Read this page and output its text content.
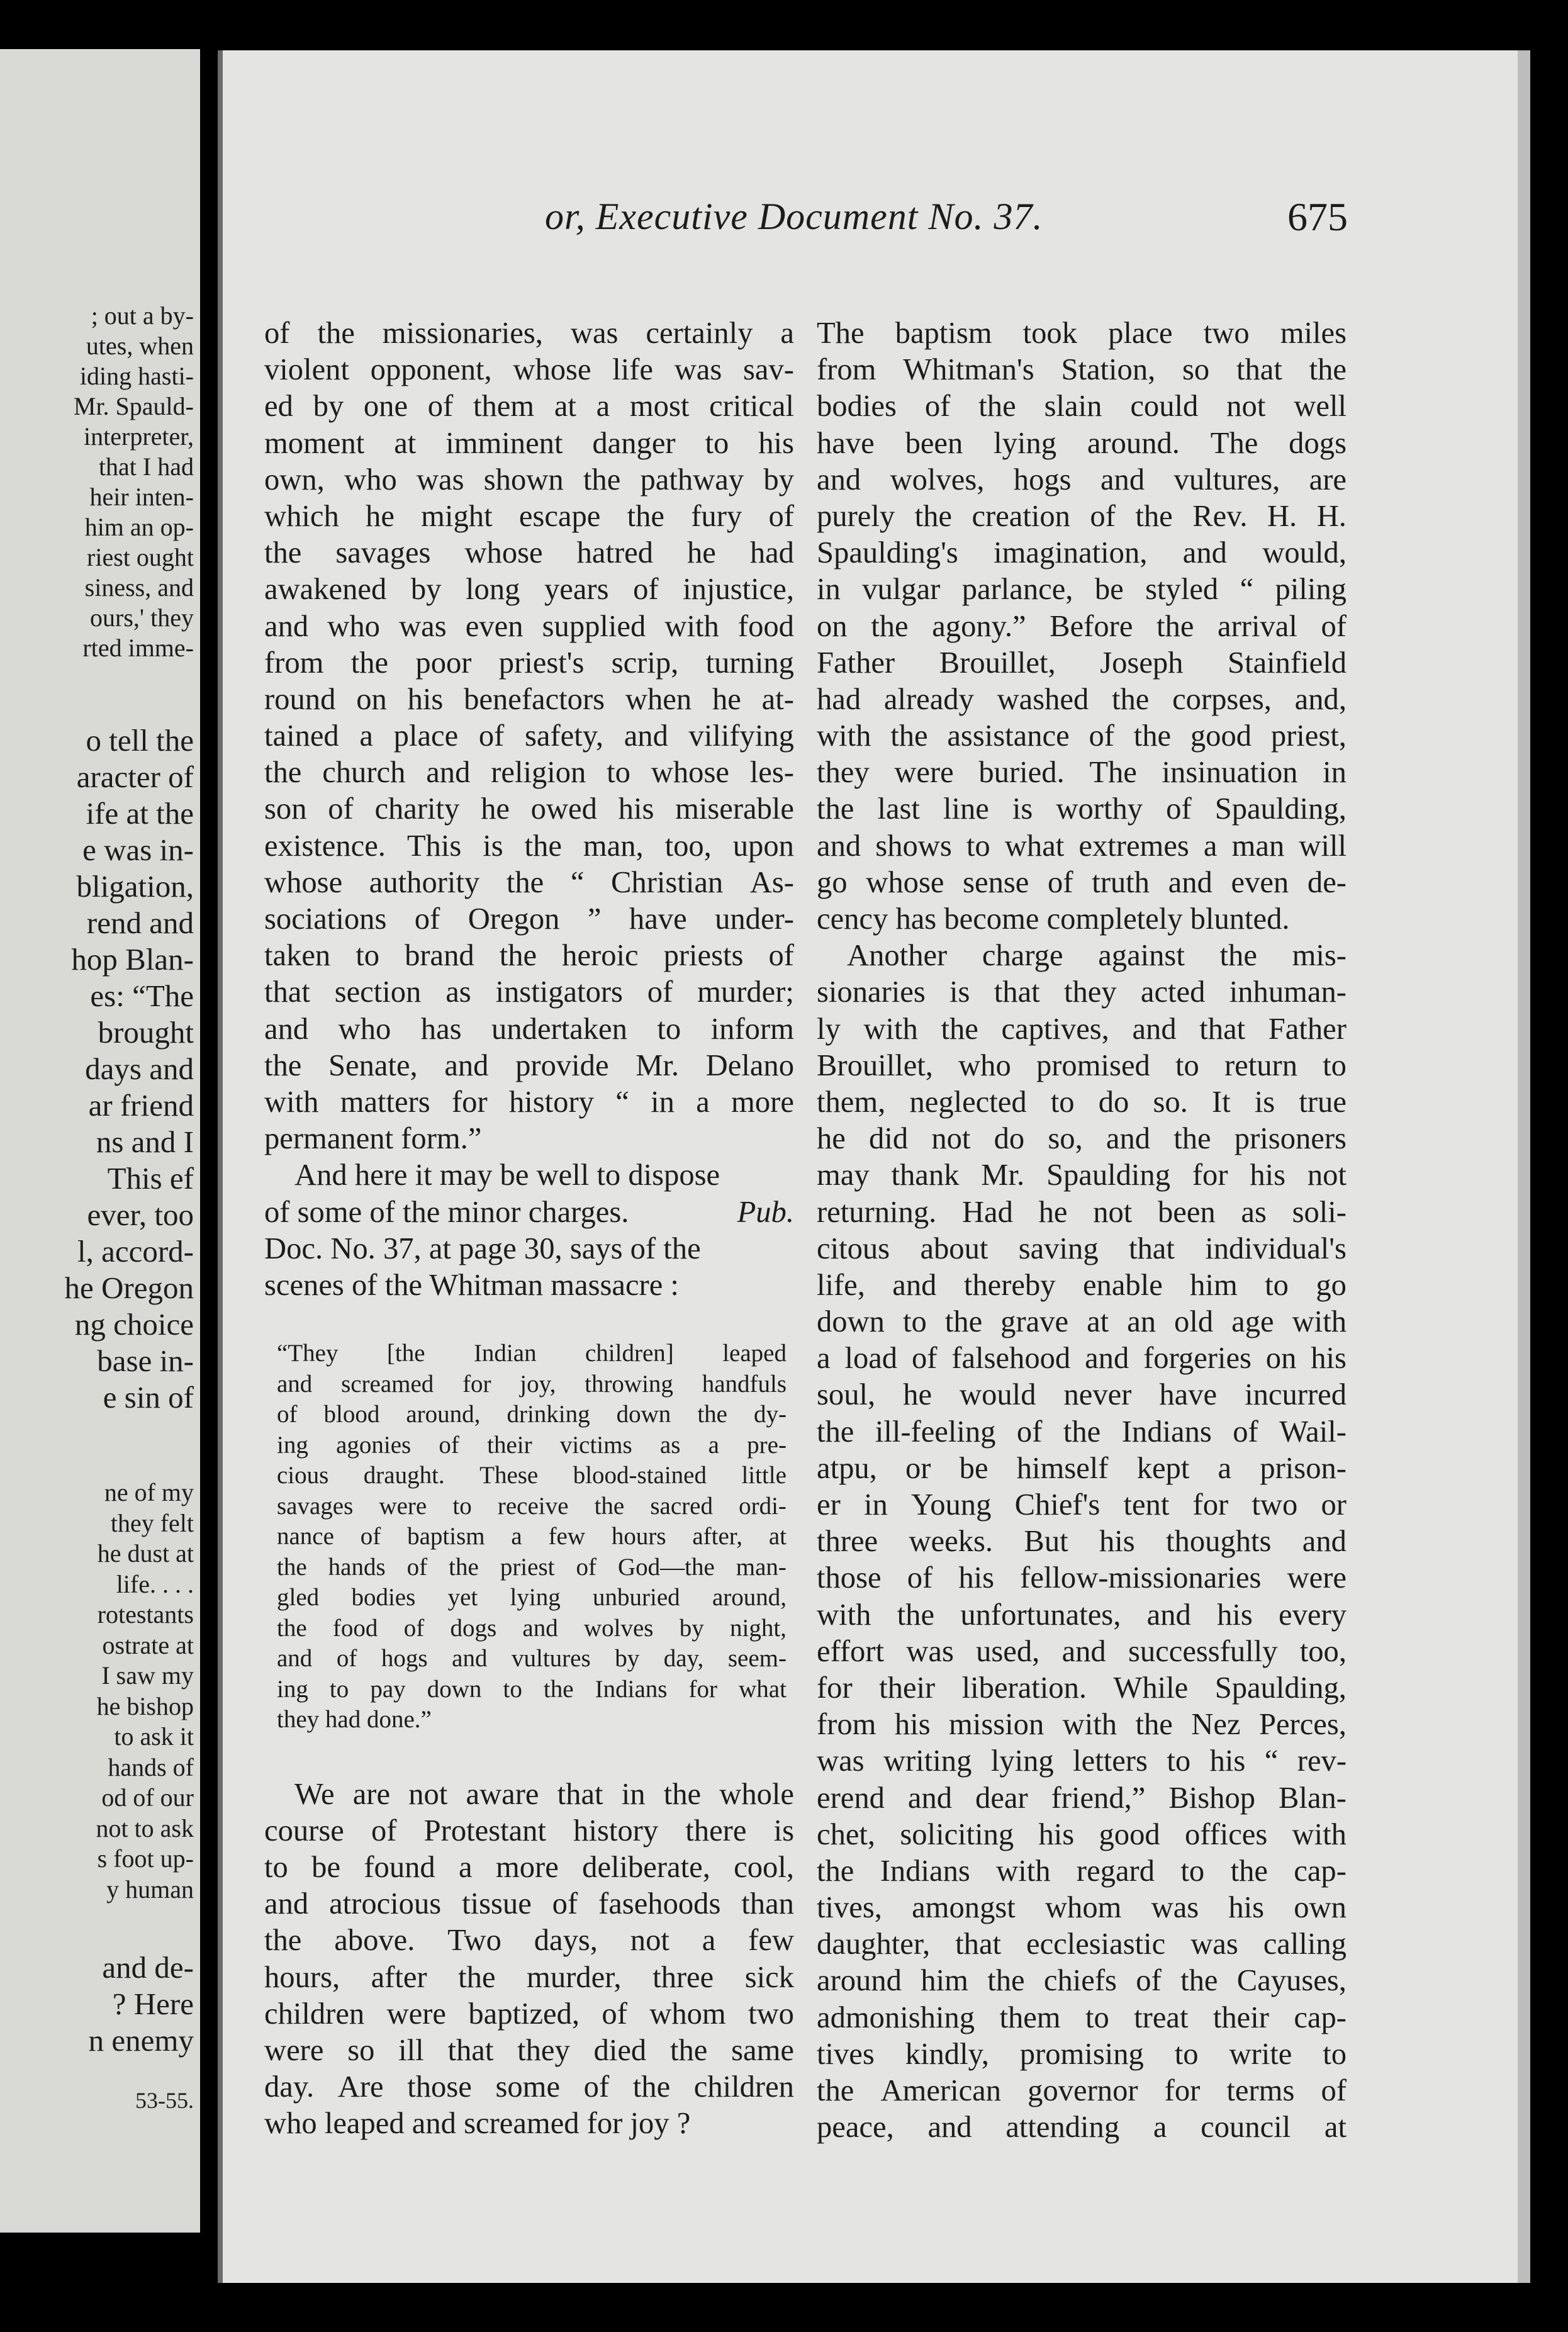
; out a by-
utes, when
iding hasti-
Mr. Spauld-
interpreter,
that I had
heir inten-
him an op-
riest ought
siness, and
ours,' they
rted imme-
o tell the
aracter of
ife at the
e was in-
bligation,
rend and
hop Blan-
es: “The
brought
days and
ar friend
ns and I
This ef
ever, too
l, accord-
he Oregon
ng choice
base in-
e sin of
ne of my
they felt
he dust at
life. . . .
rotestants
ostrate at
I saw my
he bishop
to ask it
hands of
od of our
not to ask
s foot up-
y human
and de-
? Here
n enemy
53-55.
or, Executive Document No. 37.	675
of the missionaries, was certainly a
violent opponent, whose life was sav-
ed by one of them at a most critical
moment at imminent danger to his
own, who was shown the pathway by
which he might escape the fury of
the savages whose hatred he had
awakened by long years of injustice,
and who was even supplied with food
from the poor priest's scrip, turning
round on his benefactors when he at-
tained a place of safety, and vilifying
the church and religion to whose les-
son of charity he owed his miserable
existence. This is the man, too, upon
whose authority the “ Christian As-
sociations of Oregon ” have under-
taken to brand the heroic priests of
that section as instigators of murder;
and who has undertaken to inform
the Senate, and provide Mr. Delano
with matters for history “ in a more
permanent form.”
And here it may be well to dispose
of some of the minor charges.	Pub.
Doc. No. 37, at page 30, says of the
scenes of the Whitman massacre :
“They [the Indian children] leaped
and screamed for joy, throwing handfuls
of blood around, drinking down the dy-
ing agonies of their victims as a pre-
cious draught. These blood-stained little
savages were to receive the sacred ordi-
nance of baptism a few hours after, at
the hands of the priest of God—the man-
gled bodies yet lying unburied around,
the food of dogs and wolves by night,
and of hogs and vultures by day, seem-
ing to pay down to the Indians for what
they had done.”
We are not aware that in the whole
course of Protestant history there is
to be found a more deliberate, cool,
and atrocious tissue of fasehoods than
the above. Two days, not a few
hours, after the murder, three sick
children were baptized, of whom two
were so ill that they died the same
day. Are those some of the children
who leaped and screamed for joy ?
The baptism took place two miles
from Whitman's Station, so that the
bodies of the slain could not well
have been lying around. The dogs
and wolves, hogs and vultures, are
purely the creation of the Rev. H. H.
Spaulding's imagination, and would,
in vulgar parlance, be styled “ piling
on the agony.” Before the arrival of
Father Brouillet, Joseph Stainfield
had already washed the corpses, and,
with the assistance of the good priest,
they were buried. The insinuation in
the last line is worthy of Spaulding,
and shows to what extremes a man will
go whose sense of truth and even de-
cency has become completely blunted.
Another charge against the mis-
sionaries is that they acted inhuman-
ly with the captives, and that Father
Brouillet, who promised to return to
them, neglected to do so. It is true
he did not do so, and the prisoners
may thank Mr. Spaulding for his not
returning. Had he not been as soli-
citous about saving that individual's
life, and thereby enable him to go
down to the grave at an old age with
a load of falsehood and forgeries on his
soul, he would never have incurred
the ill-feeling of the Indians of Wail-
atpu, or be himself kept a prison-
er in Young Chief's tent for two or
three weeks. But his thoughts and
those of his fellow-missionaries were
with the unfortunates, and his every
effort was used, and successfully too,
for their liberation. While Spaulding,
from his mission with the Nez Perces,
was writing lying letters to his “ rev-
erend and dear friend,” Bishop Blan-
chet, soliciting his good offices with
the Indians with regard to the cap-
tives, amongst whom was his own
daughter, that ecclesiastic was calling
around him the chiefs of the Cayuses,
admonishing them to treat their cap-
tives kindly, promising to write to
the American governor for terms of
peace, and attending a council at
